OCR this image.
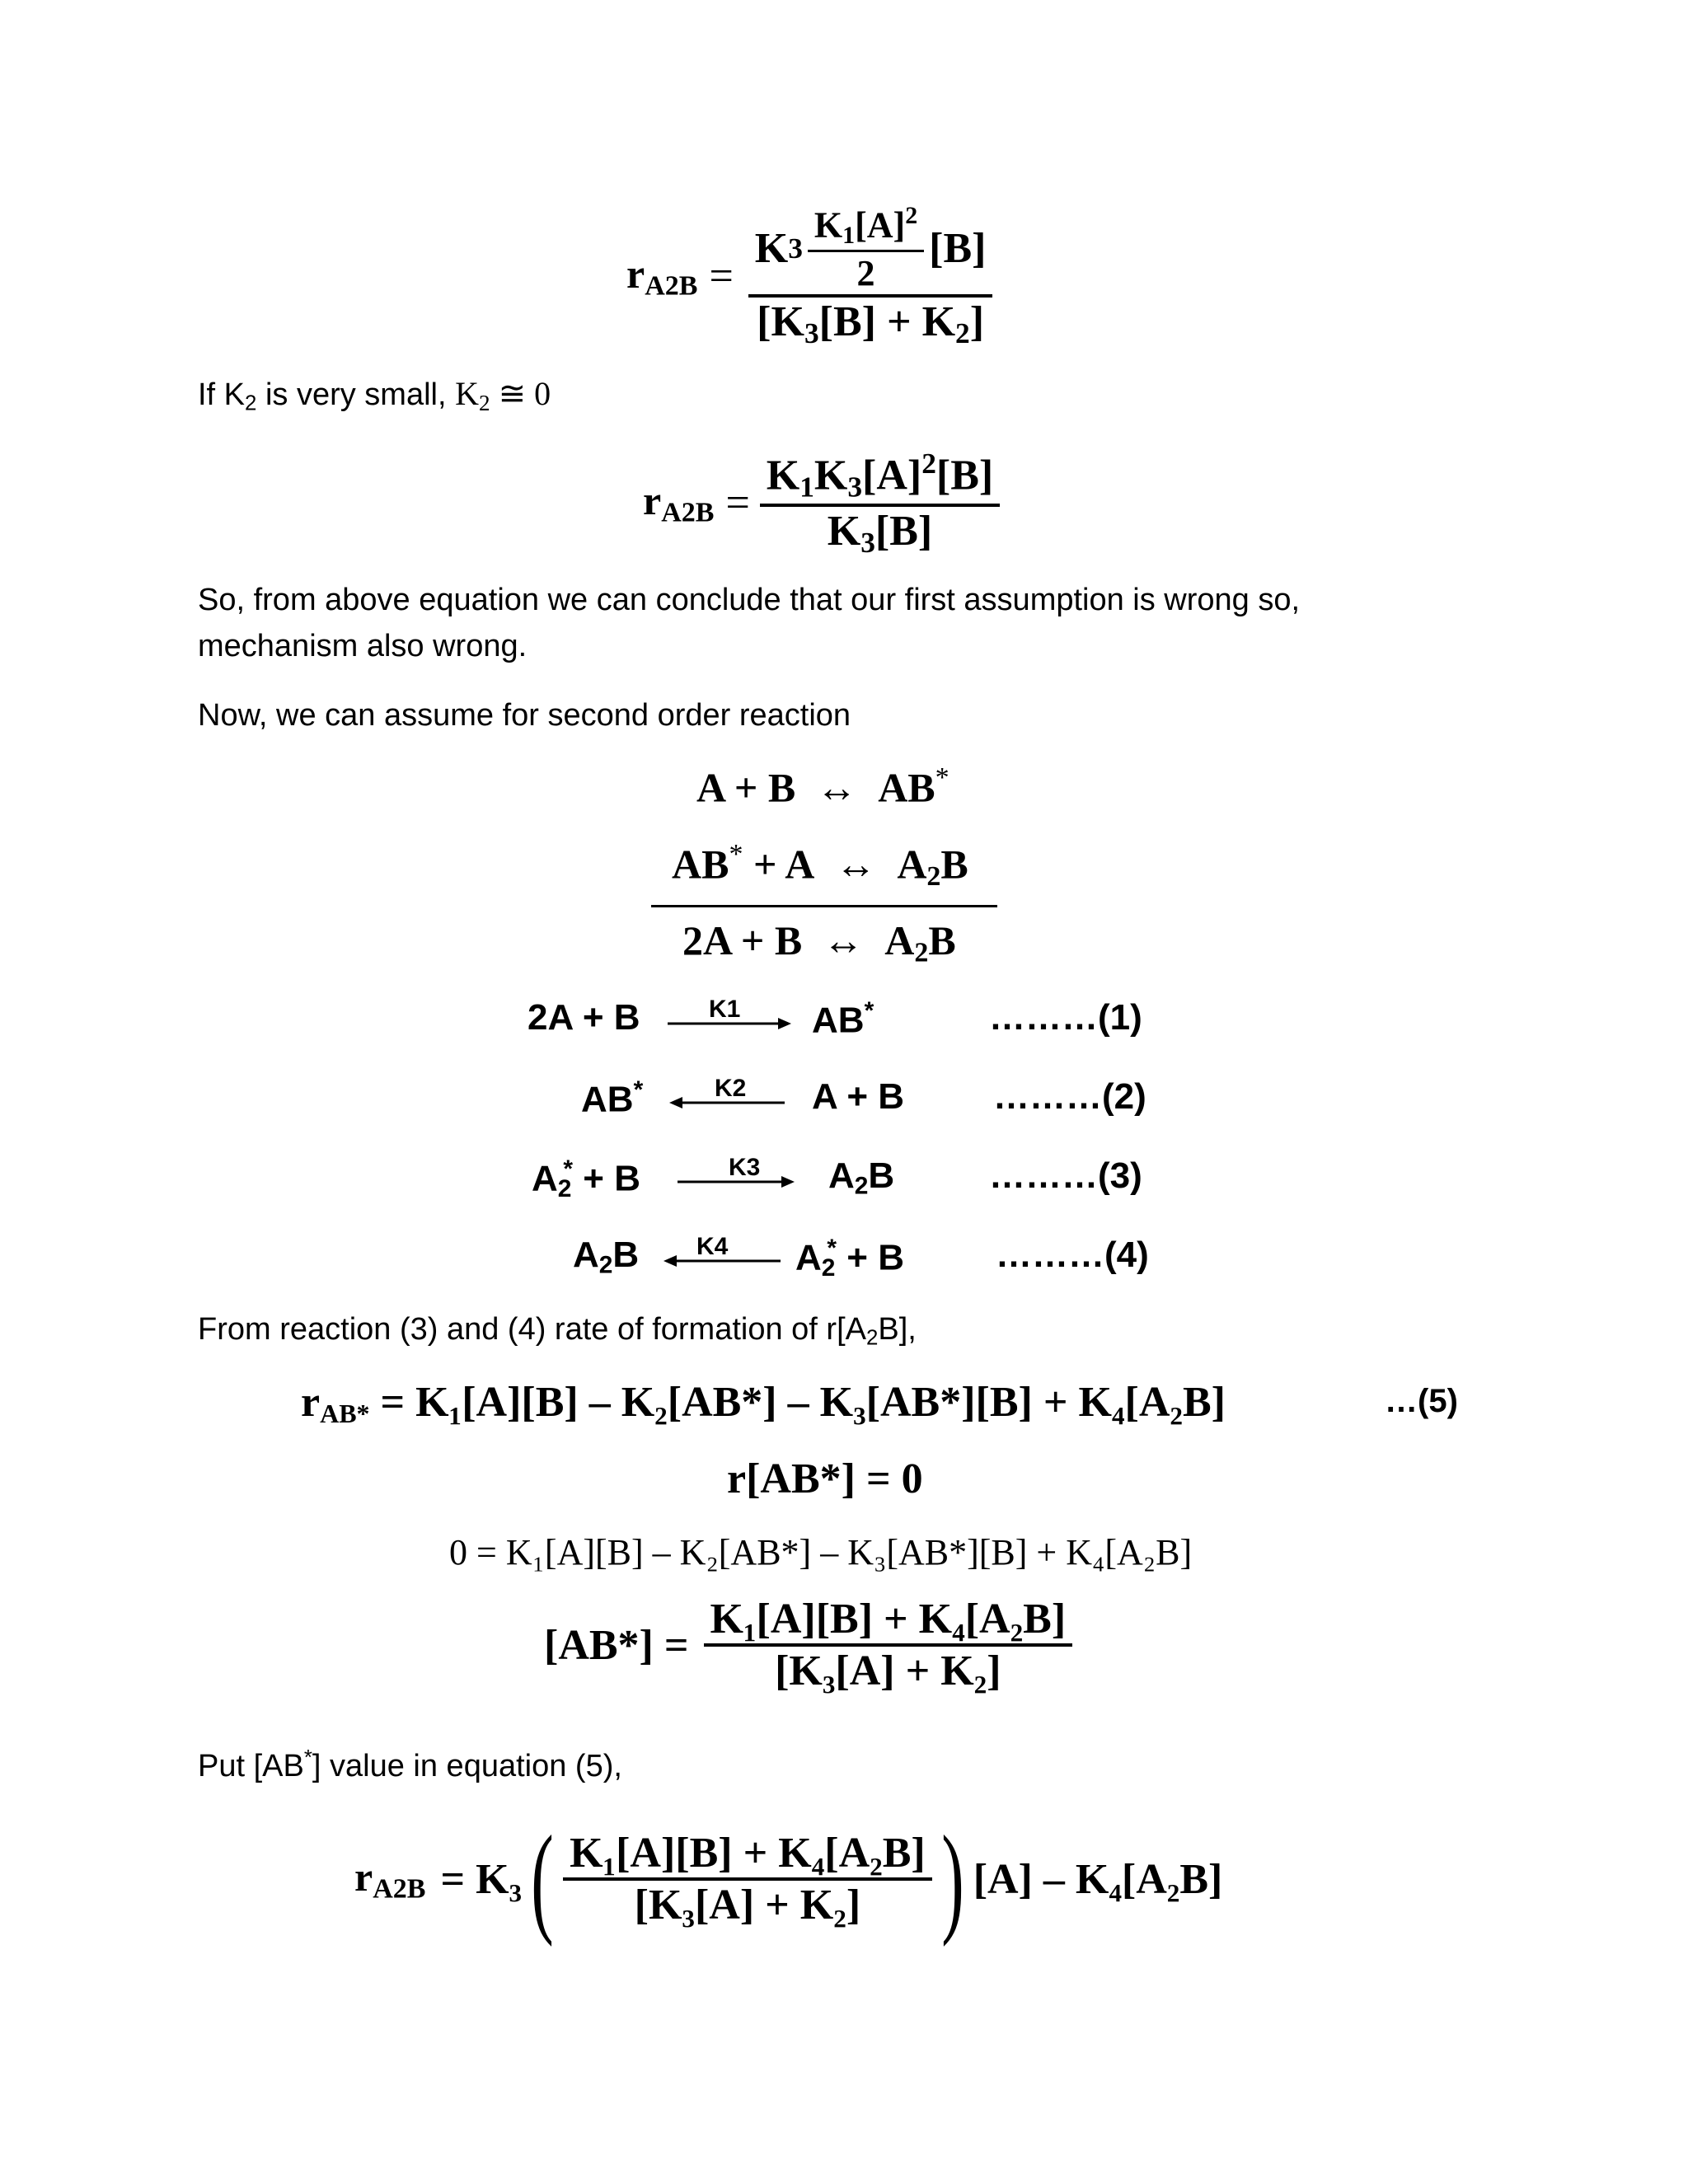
$r_{A2B} = \frac{K 3 \frac{K_1[A]^2}{2} [B]}{[K_3[B] + K_2]}$
If $K_2$ is very small, $K_2$ ≅ 0
$r_{A2B} = \frac{K_1K_3[A]^2[B]}{K_3[B]}$
So, from above equation we can conclude that our first assumption is wrong so,
mechanism also wrong.
Now, we can assume for second order reaction
A + B ↔ AB*
AB* + A ↔ $A_2B$
2A + B ↔ $A_2B$
2A + B	K1 AB*	………(1)
AB*	K2 A + B ………(2)
$A_2^* + B$	K3 $A_2B$	………(3)
$A_2B$ K4 $A_2^* + B$	………(4)
From reaction (3) and (4) rate of formation of $r[A_2B]$,
$r_{AB*} = K_1[A][B] - K_2[AB*] - K_3[AB*][B] + K_4[A_2B]$	…(5)
r[AB*] = 0
0 = K₁[A][B] – K₂[AB*] – K₃[AB*][B] + K₄[A₂B]
$[AB*] = \frac{\text{K₁[A][B] + K₄[A₂B]}}{\text{[K₃[A] + K₂]}}$
Put [AB*] value in equation (5),
$r_{A2B} = K_3$ ( $\frac{\text{K₁[A][B] + K₄[A₂B]}}{\text{[K₃[A] + K₂]}}$ ) [A] – K₄[A₂B]
